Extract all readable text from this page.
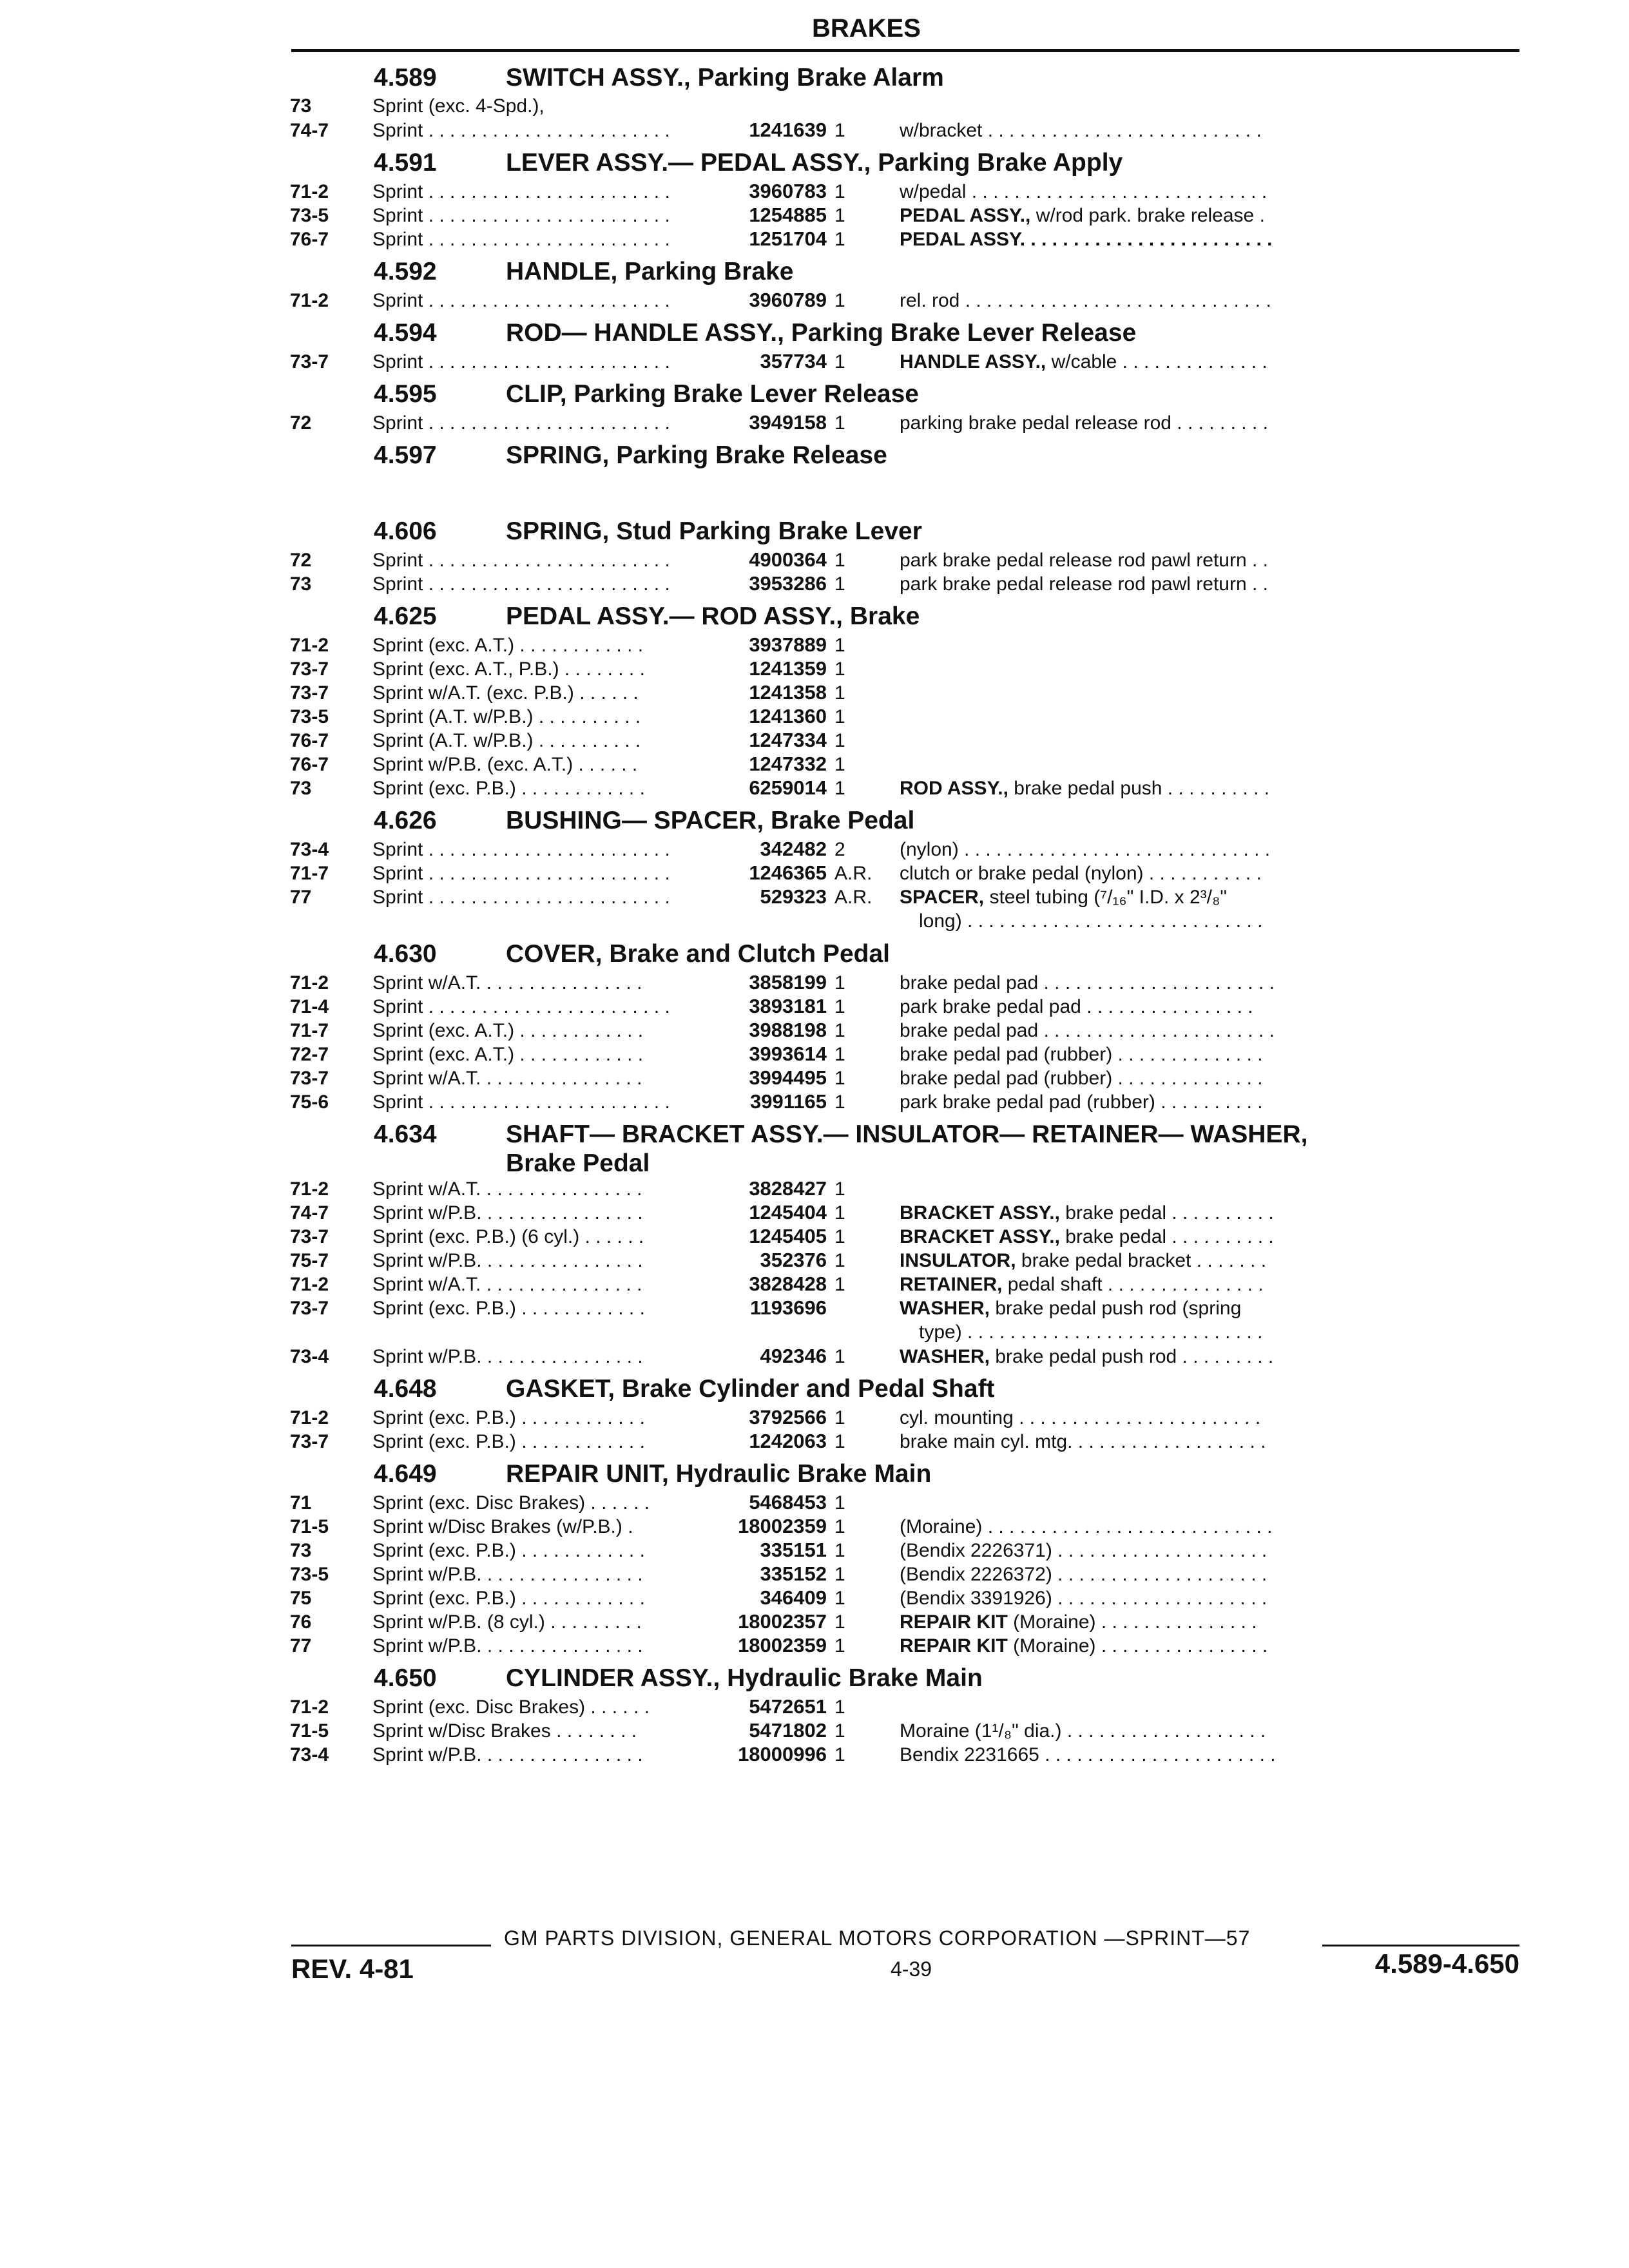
BRAKES
4.589	SWITCH ASSY., Parking Brake Alarm
73	Sprint (exc. 4-Spd.),
74-7	Sprint . . . . . . . . . . . . . . . . . . . . . . .	1241639 1	w/bracket . . . . . . . . . . . . . . . . . . . . . . . . . .
4.591	LEVER ASSY.— PEDAL ASSY., Parking Brake Apply
71-2	Sprint . . . . . . . . . . . . . . . . . . . . . . .	3960783 1	w/pedal . . . . . . . . . . . . . . . . . . . . . . . . . . . .
73-5	Sprint . . . . . . . . . . . . . . . . . . . . . . .	1254885 1	PEDAL ASSY., w/rod park. brake release .
76-7	Sprint . . . . . . . . . . . . . . . . . . . . . . .	1251704 1	PEDAL ASSY. . . . . . . . . . . . . . . . . . . . . . . .
4.592	HANDLE, Parking Brake
71-2	Sprint . . . . . . . . . . . . . . . . . . . . . . .	3960789 1	rel. rod . . . . . . . . . . . . . . . . . . . . . . . . . . . . .
4.594	ROD— HANDLE ASSY., Parking Brake Lever Release
73-7	Sprint . . . . . . . . . . . . . . . . . . . . . . .	357734 1	HANDLE ASSY., w/cable . . . . . . . . . . . . . .
4.595	CLIP, Parking Brake Lever Release
72	Sprint . . . . . . . . . . . . . . . . . . . . . . .	3949158 1	parking brake pedal release rod . . . . . . . . .
4.597	SPRING, Parking Brake Release
4.606	SPRING, Stud Parking Brake Lever
72	Sprint . . . . . . . . . . . . . . . . . . . . . . .	4900364 1	park brake pedal release rod pawl return . .
73	Sprint . . . . . . . . . . . . . . . . . . . . . . .	3953286 1	park brake pedal release rod pawl return . .
4.625	PEDAL ASSY.— ROD ASSY., Brake
71-2	Sprint (exc. A.T.) . . . . . . . . . . . .	3937889 1
73-7	Sprint (exc. A.T., P.B.) . . . . . . . .	1241359 1
73-7	Sprint w/A.T. (exc. P.B.) . . . . . .	1241358 1
73-5	Sprint (A.T. w/P.B.) . . . . . . . . . .	1241360 1
76-7	Sprint (A.T. w/P.B.) . . . . . . . . . .	1247334 1
76-7	Sprint w/P.B. (exc. A.T.) . . . . . .	1247332 1
73	Sprint (exc. P.B.) . . . . . . . . . . . .	6259014 1	ROD ASSY., brake pedal push . . . . . . . . . .
4.626	BUSHING— SPACER, Brake Pedal
73-4	Sprint . . . . . . . . . . . . . . . . . . . . . . .	342482 2	(nylon) . . . . . . . . . . . . . . . . . . . . . . . . . . . . .
71-7	Sprint . . . . . . . . . . . . . . . . . . . . . . .	1246365 A.R.	clutch or brake pedal (nylon) . . . . . . . . . . .
77	Sprint . . . . . . . . . . . . . . . . . . . . . . .	529323 A.R.	SPACER, steel tubing (⁷/₁₆" I.D. x 2³/₈"
long) . . . . . . . . . . . . . . . . . . . . . . . . . . . .
4.630	COVER, Brake and Clutch Pedal
71-2	Sprint w/A.T. . . . . . . . . . . . . . . .	3858199 1	brake pedal pad . . . . . . . . . . . . . . . . . . . . . .
71-4	Sprint . . . . . . . . . . . . . . . . . . . . . . .	3893181 1	park brake pedal pad . . . . . . . . . . . . . . . .
71-7	Sprint (exc. A.T.) . . . . . . . . . . . .	3988198 1	brake pedal pad . . . . . . . . . . . . . . . . . . . . . .
72-7	Sprint (exc. A.T.) . . . . . . . . . . . .	3993614 1	brake pedal pad (rubber) . . . . . . . . . . . . . .
73-7	Sprint w/A.T. . . . . . . . . . . . . . . .	3994495 1	brake pedal pad (rubber) . . . . . . . . . . . . . .
75-6	Sprint . . . . . . . . . . . . . . . . . . . . . . .	3991165 1	park brake pedal pad (rubber) . . . . . . . . . .
4.634	SHAFT— BRACKET ASSY.— INSULATOR— RETAINER— WASHER,
Brake Pedal
71-2	Sprint w/A.T. . . . . . . . . . . . . . . .	3828427 1
74-7	Sprint w/P.B. . . . . . . . . . . . . . . .	1245404 1	BRACKET ASSY., brake pedal . . . . . . . . . .
73-7	Sprint (exc. P.B.) (6 cyl.) . . . . . .	1245405 1	BRACKET ASSY., brake pedal . . . . . . . . . .
75-7	Sprint w/P.B. . . . . . . . . . . . . . . .	352376 1	INSULATOR, brake pedal bracket . . . . . . .
71-2	Sprint w/A.T. . . . . . . . . . . . . . . .	3828428 1	RETAINER, pedal shaft . . . . . . . . . . . . . . .
73-7	Sprint (exc. P.B.) . . . . . . . . . . . .	1193696	WASHER, brake pedal push rod (spring
type) . . . . . . . . . . . . . . . . . . . . . . . . . . . .
73-4	Sprint w/P.B. . . . . . . . . . . . . . . .	492346 1	WASHER, brake pedal push rod . . . . . . . . .
4.648	GASKET, Brake Cylinder and Pedal Shaft
71-2	Sprint (exc. P.B.) . . . . . . . . . . . .	3792566 1	cyl. mounting . . . . . . . . . . . . . . . . . . . . . . .
73-7	Sprint (exc. P.B.) . . . . . . . . . . . .	1242063 1	brake main cyl. mtg. . . . . . . . . . . . . . . . . . .
4.649	REPAIR UNIT, Hydraulic Brake Main
71	Sprint (exc. Disc Brakes) . . . . . .	5468453 1
71-5	Sprint w/Disc Brakes (w/P.B.) .	18002359 1	(Moraine) . . . . . . . . . . . . . . . . . . . . . . . . . . .
73	Sprint (exc. P.B.) . . . . . . . . . . . .	335151 1	(Bendix 2226371) . . . . . . . . . . . . . . . . . . . .
73-5	Sprint w/P.B. . . . . . . . . . . . . . . .	335152 1	(Bendix 2226372) . . . . . . . . . . . . . . . . . . . .
75	Sprint (exc. P.B.) . . . . . . . . . . . .	346409 1	(Bendix 3391926) . . . . . . . . . . . . . . . . . . . .
76	Sprint w/P.B. (8 cyl.) . . . . . . . . .	18002357 1	REPAIR KIT (Moraine) . . . . . . . . . . . . . . .
77	Sprint w/P.B. . . . . . . . . . . . . . . .	18002359 1	REPAIR KIT (Moraine) . . . . . . . . . . . . . . . .
4.650	CYLINDER ASSY., Hydraulic Brake Main
71-2	Sprint (exc. Disc Brakes) . . . . . .	5472651 1
71-5	Sprint w/Disc Brakes . . . . . . . .	5471802 1	Moraine (1¹/₈" dia.) . . . . . . . . . . . . . . . . . . .
73-4	Sprint w/P.B. . . . . . . . . . . . . . . .	18000996 1	Bendix 2231665 . . . . . . . . . . . . . . . . . . . . . .
GM PARTS DIVISION, GENERAL MOTORS CORPORATION —SPRINT—57
REV. 4-81	4-39	4.589-4.650
